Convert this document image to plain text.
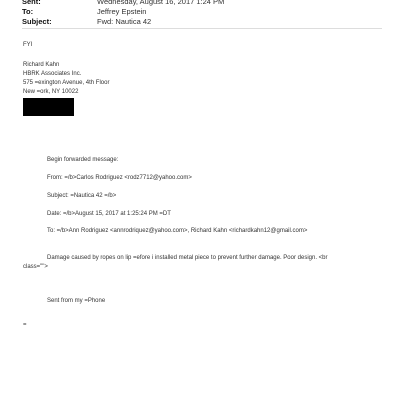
Sent:	Wednesday, August 16, 2017 1:24 PM
To:	Jeffrey Epstein
Subject:	Fwd: Nautica 42
FYI
Richard Kahn
HBRK Associates Inc.
575 =exington Avenue, 4th Floor
New =ork, NY 10022
Begin forwarded message:
From: =/b>Carlos Rodriguez <rodz7712@yahoo.com>
Subject: =Nautica 42 =/b>
Date: =/b>August 15, 2017 at 1:25:24 PM =DT
To: =/b>Ann Rodriguez <annrodriquez@yahoo.com>, Richard Kahn <richardkahn12@gmail.com>
Damage caused by ropes on lip =efore i installed metal piece to prevent further damage. Poor design. <br
class="">
Sent from my =Phone
=
